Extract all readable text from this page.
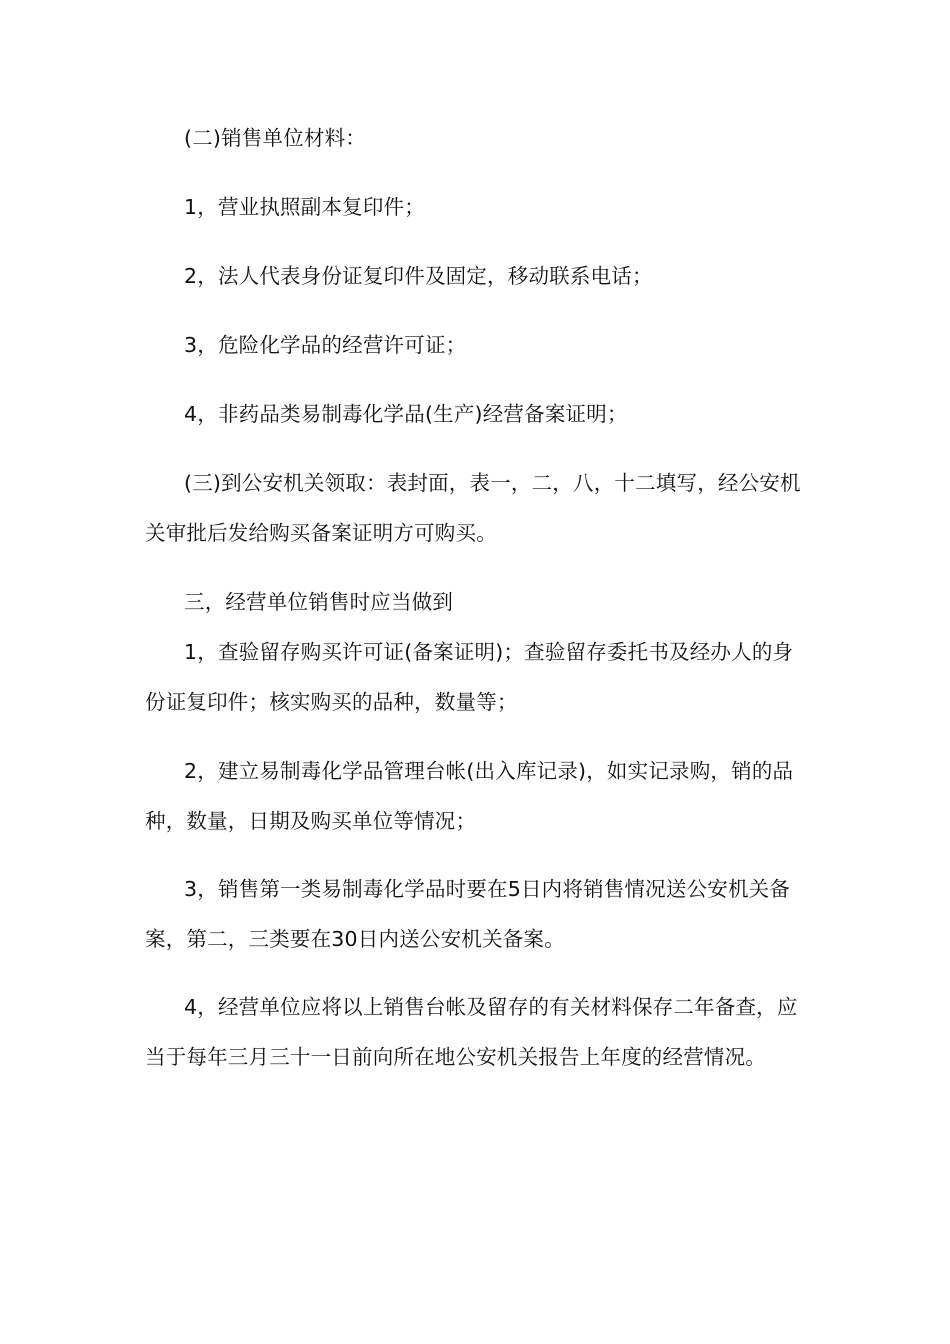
(二)销售单位材料：

1，营业执照副本复印件；

2，法人代表身份证复印件及固定，移动联系电话；

3，危险化学品的经营许可证；

4，非药品类易制毒化学品(生产)经营备案证明；

(三)到公安机关领取：表封面，表一，二，八，十二填写，经公安机关审批后发给购买备案证明方可购买。

三，经营单位销售时应当做到

1，查验留存购买许可证(备案证明)；查验留存委托书及经办人的身份证复印件；核实购买的品种，数量等；

2，建立易制毒化学品管理台帐(出入库记录)，如实记录购，销的品种，数量，日期及购买单位等情况；

3，销售第一类易制毒化学品时要在5日内将销售情况送公安机关备案，第二，三类要在30日内送公安机关备案。

4，经营单位应将以上销售台帐及留存的有关材料保存二年备查，应当于每年三月三十一日前向所在地公安机关报告上年度的经营情况。
